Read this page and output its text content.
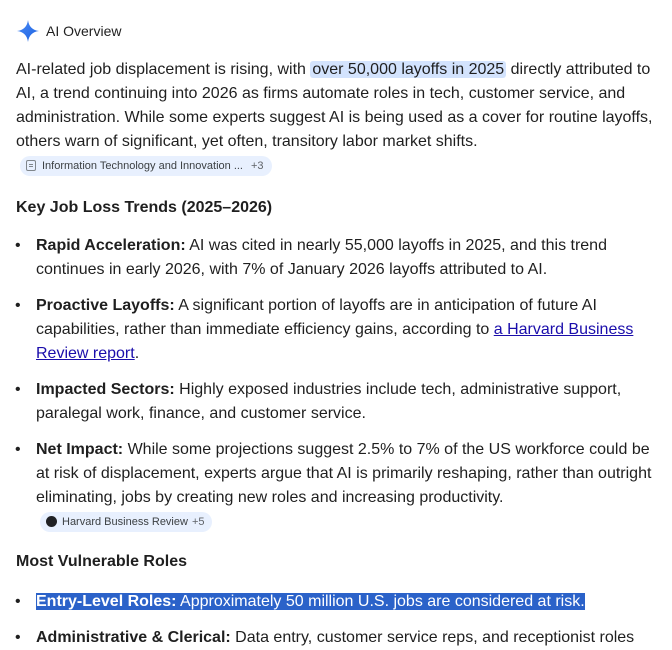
AI Overview
AI-related job displacement is rising, with over 50,000 layoffs in 2025 directly attributed to AI, a trend continuing into 2026 as firms automate roles in tech, customer service, and administration. While some experts suggest AI is being used as a cover for routine layoffs, others warn of significant, yet often, transitory labor market shifts.
Information Technology and Innovation ... +3
Key Job Loss Trends (2025–2026)
• Rapid Acceleration: AI was cited in nearly 55,000 layoffs in 2025, and this trend continues in early 2026, with 7% of January 2026 layoffs attributed to AI.
• Proactive Layoffs: A significant portion of layoffs are in anticipation of future AI capabilities, rather than immediate efficiency gains, according to a Harvard Business Review report.
• Impacted Sectors: Highly exposed industries include tech, administrative support, paralegal work, finance, and customer service.
• Net Impact: While some projections suggest 2.5% to 7% of the US workforce could be at risk of displacement, experts argue that AI is primarily reshaping, rather than outright eliminating, jobs by creating new roles and increasing productivity.
Harvard Business Review +5
Most Vulnerable Roles
• Entry-Level Roles: Approximately 50 million U.S. jobs are considered at risk.
• Administrative & Clerical: Data entry, customer service reps, and receptionist roles
